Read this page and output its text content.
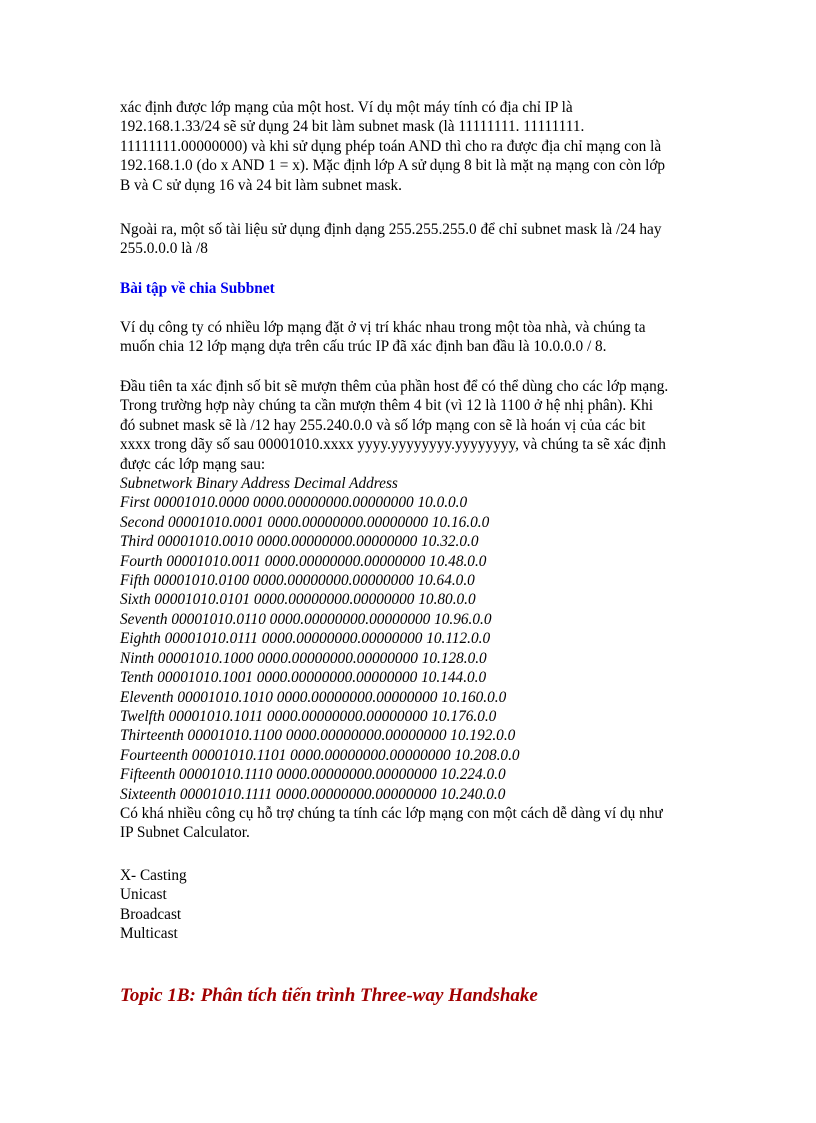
xác định được lớp mạng của một host. Ví dụ một máy tính có địa chỉ IP là
192.168.1.33/24 sẽ sử dụng 24 bit làm subnet mask (là 11111111. 11111111.
11111111.00000000) và khi sử dụng phép toán AND thì cho ra được địa chỉ mạng con là
192.168.1.0 (do x AND 1 = x). Mặc định lớp A sử dụng 8 bit là mặt nạ mạng con còn lớp
B và C sử dụng 16 và 24 bit làm subnet mask.
Ngoài ra, một số tài liệu sử dụng định dạng 255.255.255.0 để chỉ subnet mask là /24 hay
255.0.0.0 là /8
Bài tập về chia Subbnet
Ví dụ công ty có nhiều lớp mạng đặt ở vị trí khác nhau trong một tòa nhà, và chúng ta
muốn chia 12 lớp mạng dựa trên cấu trúc IP đã xác định ban đầu là 10.0.0.0 / 8.
Đầu tiên ta xác định số bit sẽ mượn thêm của phần host để có thể dùng cho các lớp mạng.
Trong trường hợp này chúng ta cần mượn thêm 4 bit (vì 12 là 1100 ở hệ nhị phân). Khi
đó subnet mask sẽ là /12 hay 255.240.0.0 và số lớp mạng con sẽ là hoán vị của các bit
xxxx trong dãy số sau 00001010.xxxx yyyy.yyyyyyyy.yyyyyyyy, và chúng ta sẽ xác định
được các lớp mạng sau:
Subnetwork Binary Address Decimal Address
First 00001010.0000 0000.00000000.00000000 10.0.0.0
Second 00001010.0001 0000.00000000.00000000 10.16.0.0
Third 00001010.0010 0000.00000000.00000000 10.32.0.0
Fourth 00001010.0011 0000.00000000.00000000 10.48.0.0
Fifth 00001010.0100 0000.00000000.00000000 10.64.0.0
Sixth 00001010.0101 0000.00000000.00000000 10.80.0.0
Seventh 00001010.0110 0000.00000000.00000000 10.96.0.0
Eighth 00001010.0111 0000.00000000.00000000 10.112.0.0
Ninth 00001010.1000 0000.00000000.00000000 10.128.0.0
Tenth 00001010.1001 0000.00000000.00000000 10.144.0.0
Eleventh 00001010.1010 0000.00000000.00000000 10.160.0.0
Twelfth 00001010.1011 0000.00000000.00000000 10.176.0.0
Thirteenth 00001010.1100 0000.00000000.00000000 10.192.0.0
Fourteenth 00001010.1101 0000.00000000.00000000 10.208.0.0
Fifteenth 00001010.1110 0000.00000000.00000000 10.224.0.0
Sixteenth 00001010.1111 0000.00000000.00000000 10.240.0.0
Có khá nhiều công cụ hỗ trợ chúng ta tính các lớp mạng con một cách dễ dàng ví dụ như
IP Subnet Calculator.
X- Casting
Unicast
Broadcast
Multicast
Topic 1B: Phân tích tiến trình Three-way Handshake
